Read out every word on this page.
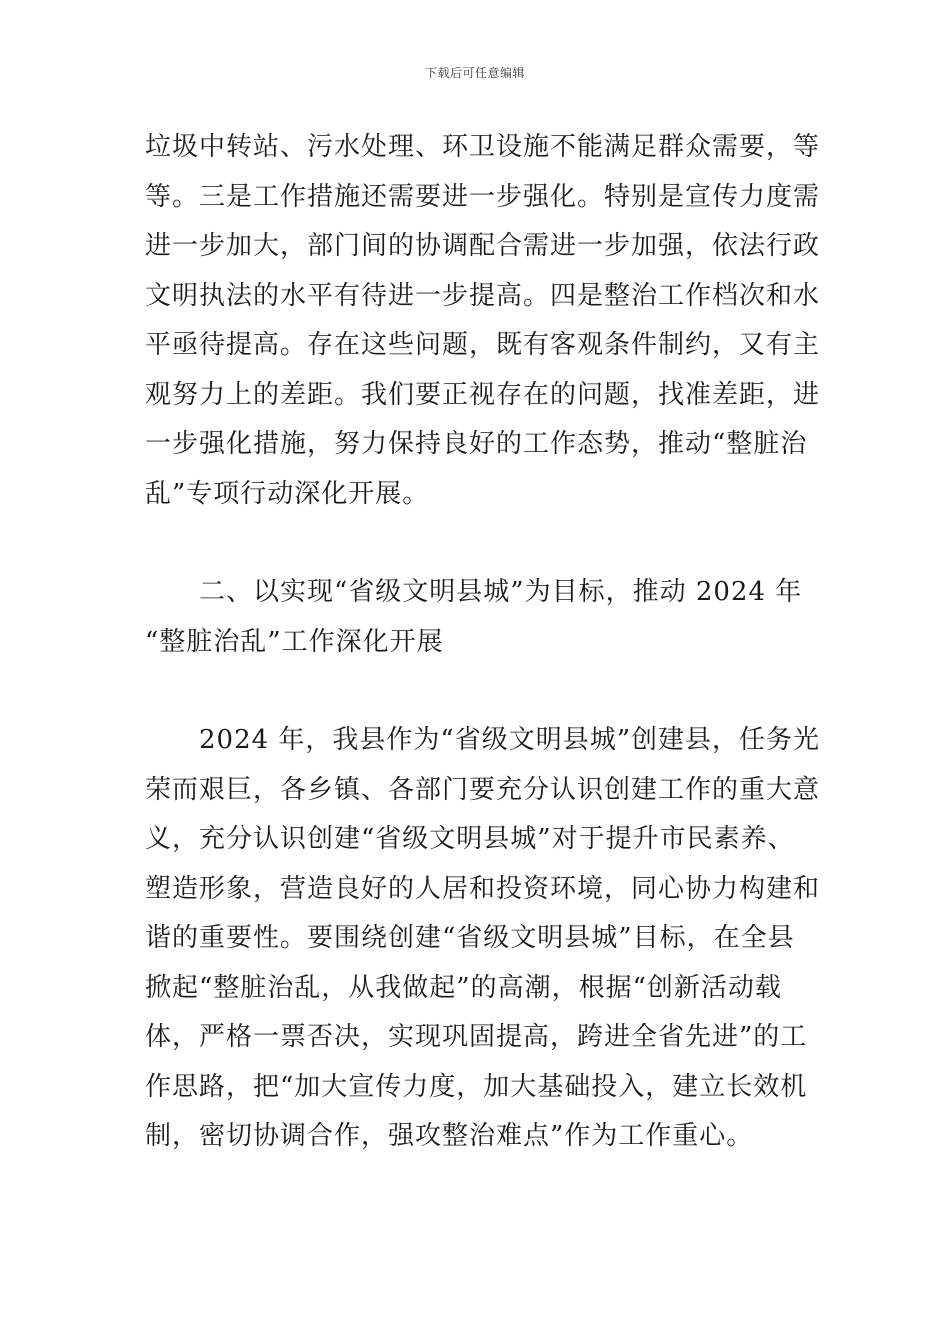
下载后可任意编辑
垃圾中转站、污水处理、环卫设施不能满足群众需要，等
等。三是工作措施还需要进一步强化。特别是宣传力度需
进一步加大，部门间的协调配合需进一步加强，依法行政
文明执法的水平有待进一步提高。四是整治工作档次和水
平亟待提高。存在这些问题，既有客观条件制约，又有主
观努力上的差距。我们要正视存在的问题，找准差距，进
一步强化措施，努力保持良好的工作态势，推动“整脏治
乱”专项行动深化开展。
　　二、以实现“省级文明县城”为目标，推动 2024 年
“整脏治乱”工作深化开展
　　2024 年，我县作为“省级文明县城”创建县，任务光
荣而艰巨，各乡镇、各部门要充分认识创建工作的重大意
义，充分认识创建“省级文明县城”对于提升市民素养、
塑造形象，营造良好的人居和投资环境，同心协力构建和
谐的重要性。要围绕创建“省级文明县城”目标，在全县
掀起“整脏治乱，从我做起”的高潮，根据“创新活动载
体，严格一票否决，实现巩固提高，跨进全省先进”的工
作思路，把“加大宣传力度，加大基础投入，建立长效机
制，密切协调合作，强攻整治难点”作为工作重心。
